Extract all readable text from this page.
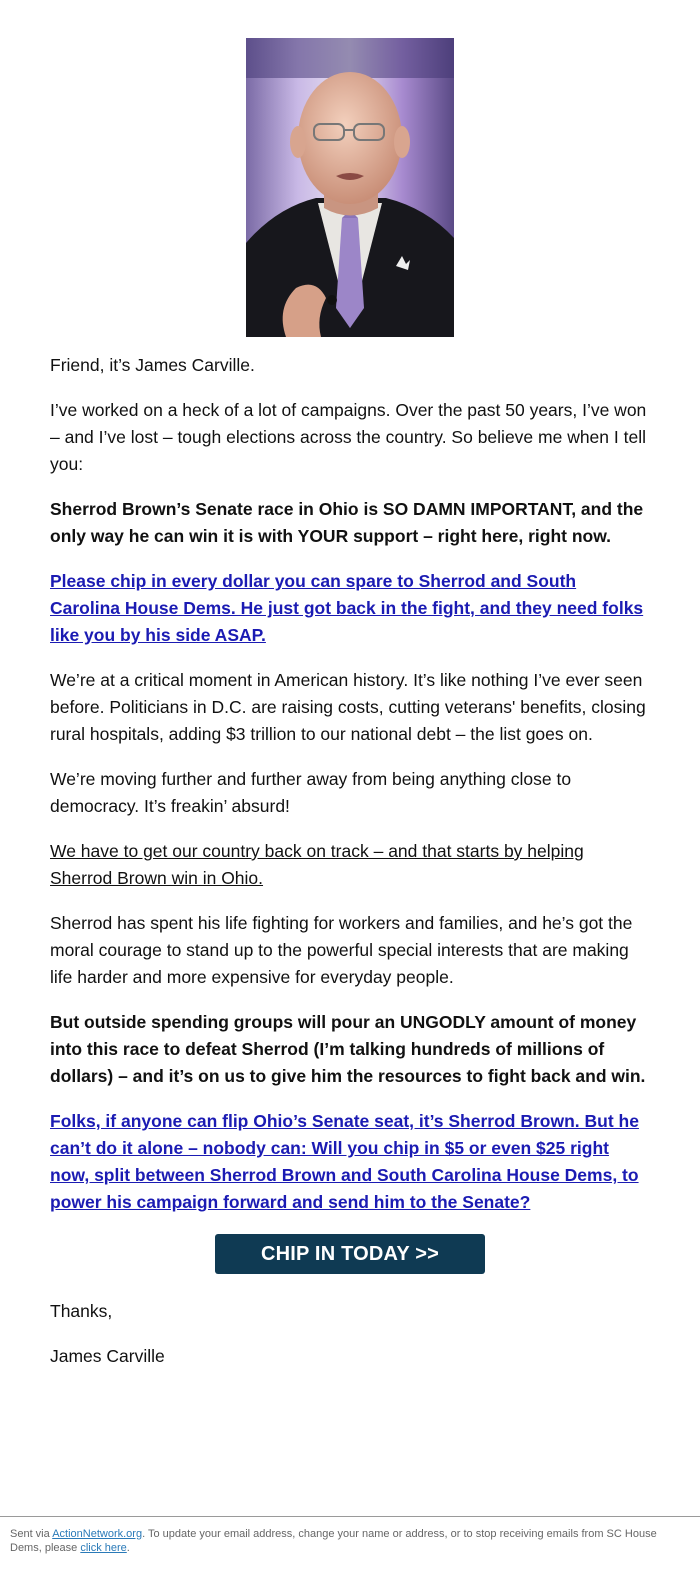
Friend, it’s James Carville.

I’ve worked on a heck of a lot of campaigns. Over the past 50 years, I’ve won – and I’ve lost – tough elections across the country. So believe me when I tell you:

Sherrod Brown’s Senate race in Ohio is SO DAMN IMPORTANT, and the only way he can win it is with YOUR support – right here, right now.

Please chip in every dollar you can spare to Sherrod and South Carolina House Dems. He just got back in the fight, and they need folks like you by his side ASAP.

We’re at a critical moment in American history. It’s like nothing I’ve ever seen before. Politicians in D.C. are raising costs, cutting veterans' benefits, closing rural hospitals, adding $3 trillion to our national debt – the list goes on.

We’re moving further and further away from being anything close to democracy. It’s freakin’ absurd!

We have to get our country back on track – and that starts by helping Sherrod Brown win in Ohio.

Sherrod has spent his life fighting for workers and families, and he’s got the moral courage to stand up to the powerful special interests that are making life harder and more expensive for everyday people.

But outside spending groups will pour an UNGODLY amount of money into this race to defeat Sherrod (I’m talking hundreds of millions of dollars) – and it’s on us to give him the resources to fight back and win.

Folks, if anyone can flip Ohio’s Senate seat, it’s Sherrod Brown. But he can’t do it alone – nobody can: Will you chip in $5 or even $25 right now, split between Sherrod Brown and South Carolina House Dems, to power his campaign forward and send him to the Senate?

CHIP IN TODAY >>

Thanks,

James Carville

Sent via ActionNetwork.org. To update your email address, change your name or address, or to stop receiving emails from SC House Dems, please click here.
